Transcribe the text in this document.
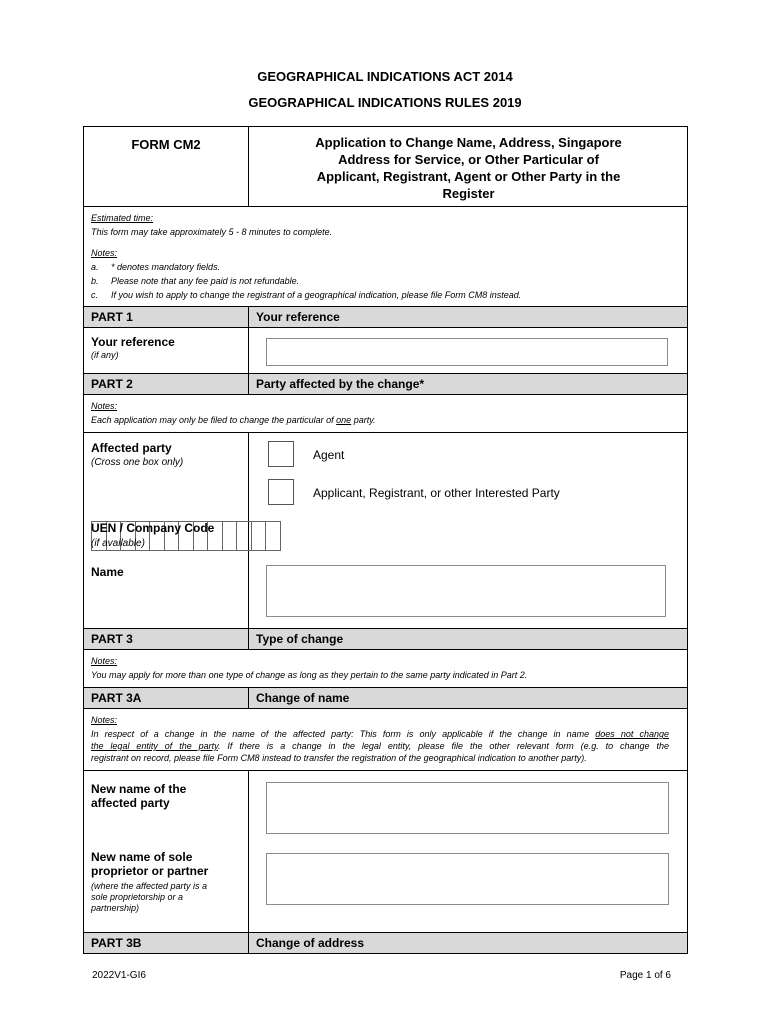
GEOGRAPHICAL INDICATIONS ACT 2014
GEOGRAPHICAL INDICATIONS RULES 2019
FORM CM2	Application to Change Name, Address, Singapore
Address for Service, or Other Particular of
Applicant, Registrant, Agent or Other Party in the
Register
Estimated time:
This form may take approximately 5 - 8 minutes to complete.
Notes:
a. * denotes mandatory fields.
b. Please note that any fee paid is not refundable.
c. If you wish to apply to change the registrant of a geographical indication, please file Form CM8 instead.
PART 1	Your reference
Your reference
(if any)
PART 2	Party affected by the change*
Notes:
Each application may only be filed to change the particular of one party.
Affected party
(Cross one box only)
Agent
Applicant, Registrant, or other Interested Party
UEN / Company Code
(if available)
Name
PART 3	Type of change
Notes:
You may apply for more than one type of change as long as they pertain to the same party indicated in Part 2.
PART 3A	Change of name
Notes:
In respect of a change in the name of the affected party: This form is only applicable if the change in name does not change
the legal entity of the party. If there is a change in the legal entity, please file the other relevant form (e.g. to change the
registrant on record, please file Form CM8 instead to transfer the registration of the geographical indication to another party).
New name of the
affected party
New name of sole
proprietor or partner
(where the affected party is a
sole proprietorship or a
partnership)
PART 3B	Change of address
2022V1-GI6	Page 1 of 6
